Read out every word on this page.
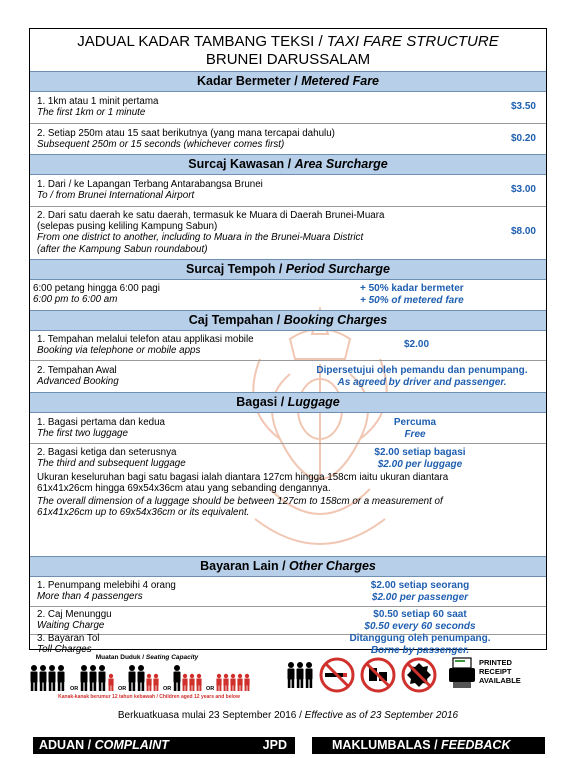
JADUAL KADAR TAMBANG TEKSI / TAXI FARE STRUCTURE
BRUNEI DARUSSALAM
Kadar Bermeter / Metered Fare
1. 1km atau 1 minit pertama
The first 1km or 1 minute
$3.50
2. Setiap 250m atau 15 saat berikutnya (yang mana tercapai dahulu)
Subsequent 250m or 15 seconds (whichever comes first)
$0.20
Surcaj Kawasan / Area Surcharge
1. Dari / ke Lapangan Terbang Antarabangsa Brunei
To / from Brunei International Airport
$3.00
2. Dari satu daerah ke satu daerah, termasuk ke Muara di Daerah Brunei-Muara
(selepas pusing keliling Kampung Sabun)
From one district to another, including to Muara in the Brunei-Muara District
(after the Kampung Sabun roundabout)
$8.00
Surcaj Tempoh / Period Surcharge
6:00 petang hingga 6:00 pagi
6:00 pm to 6:00 am
+ 50% kadar bermeter
+ 50% of metered fare
Caj Tempahan / Booking Charges
1. Tempahan melalui telefon atau applikasi mobile
Booking via telephone or mobile apps
$2.00
2. Tempahan Awal
Advanced Booking
Dipersetujui oleh pemandu dan penumpang.
As agreed by driver and passenger.
Bagasi / Luggage
1. Bagasi pertama dan kedua
The first two luggage
Percuma
Free
2. Bagasi ketiga dan seterusnya
The third and subsequent luggage
$2.00 setiap bagasi
$2.00 per luggage
Ukuran keseluruhan bagi satu bagasi ialah diantara 127cm hingga 158cm iaitu ukuran diantara
61x41x26cm hingga 69x54x36cm atau yang sebanding dengannya.
The overall dimension of a luggage should be between 127cm to 158cm or a measurement of
61x41x26cm up to 69x54x36cm or its equivalent.
Bayaran Lain / Other Charges
1. Penumpang melebihi 4 orang
More than 4 passengers
$2.00 setiap seorang
$2.00 per passenger
2. Caj Menunggu
Waiting Charge
$0.50 setiap 60 saat
$0.50 every 60 seconds
3. Bayaran Tol
Toll Charges
Ditanggung oleh penumpang.
Borne by passenger.
Muatan Duduk / Seating Capacity
OR	OR	OR	OR
Kanak-kanak berumur 12 tahun kebawah / Children aged 12 years and below
PRINTED
RECEIPT
AVAILABLE
Berkuatkuasa mulai 23 September 2016 / Effective as of 23 September 2016
ADUAN / COMPLAINT	JPD	MAKLUMBALAS / FEEDBACK
